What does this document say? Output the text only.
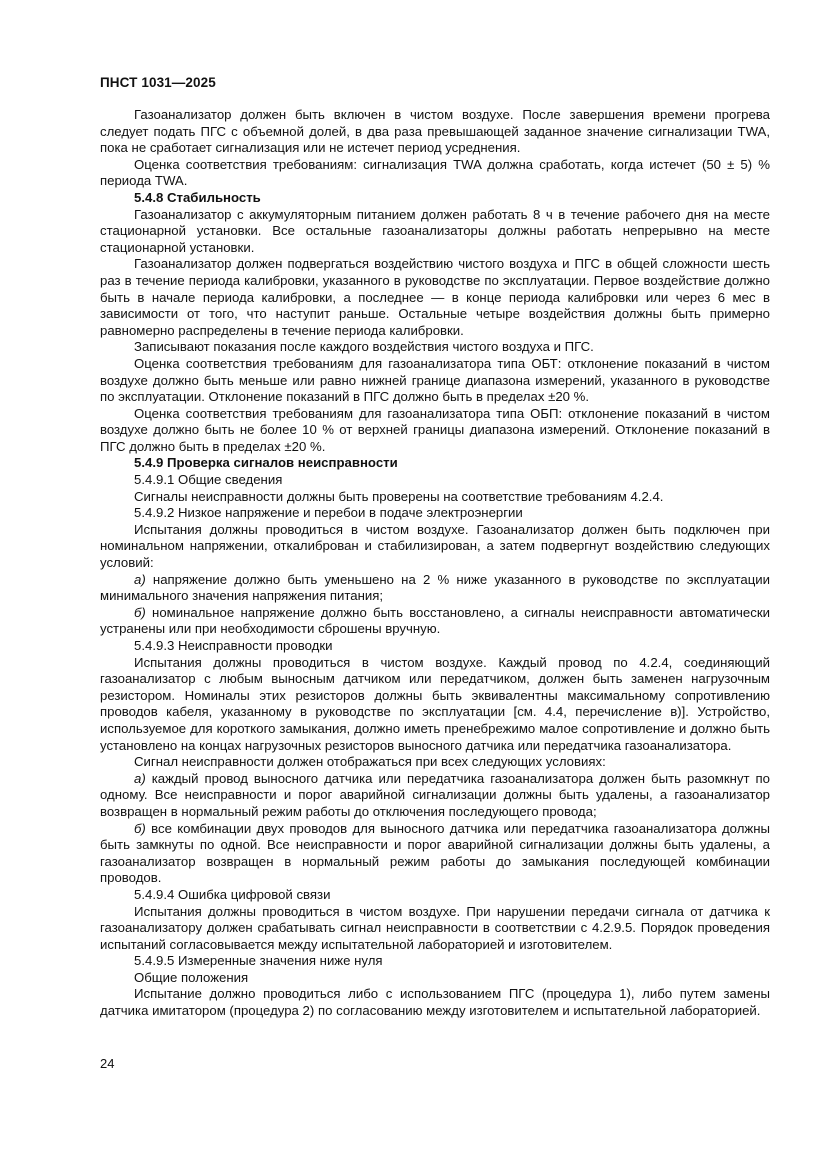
ПНСТ 1031—2025

Газоанализатор должен быть включен в чистом воздухе. После завершения времени прогрева следует подать ПГС с объемной долей, в два раза превышающей заданное значение сигнализации TWA, пока не сработает сигнализация или не истечет период усреднения.

Оценка соответствия требованиям: сигнализация TWA должна сработать, когда истечет (50 ± 5) % периода TWA.

5.4.8 Стабильность

Газоанализатор с аккумуляторным питанием должен работать 8 ч в течение рабочего дня на месте стационарной установки. Все остальные газоанализаторы должны работать непрерывно на месте стационарной установки.

Газоанализатор должен подвергаться воздействию чистого воздуха и ПГС в общей сложности шесть раз в течение периода калибровки, указанного в руководстве по эксплуатации. Первое воздействие должно быть в начале периода калибровки, а последнее — в конце периода калибровки или через 6 мес в зависимости от того, что наступит раньше. Остальные четыре воздействия должны быть примерно равномерно распределены в течение периода калибровки.

Записывают показания после каждого воздействия чистого воздуха и ПГС.

Оценка соответствия требованиям для газоанализатора типа ОБТ: отклонение показаний в чистом воздухе должно быть меньше или равно нижней границе диапазона измерений, указанного в руководстве по эксплуатации. Отклонение показаний в ПГС должно быть в пределах ±20 %.

Оценка соответствия требованиям для газоанализатора типа ОБП: отклонение показаний в чистом воздухе должно быть не более 10 % от верхней границы диапазона измерений. Отклонение показаний в ПГС должно быть в пределах ±20 %.

5.4.9 Проверка сигналов неисправности

5.4.9.1 Общие сведения

Сигналы неисправности должны быть проверены на соответствие требованиям 4.2.4.

5.4.9.2 Низкое напряжение и перебои в подаче электроэнергии

Испытания должны проводиться в чистом воздухе. Газоанализатор должен быть подключен при номинальном напряжении, откалиброван и стабилизирован, а затем подвергнут воздействию следующих условий:

а) напряжение должно быть уменьшено на 2 % ниже указанного в руководстве по эксплуатации минимального значения напряжения питания;

б) номинальное напряжение должно быть восстановлено, а сигналы неисправности автоматически устранены или при необходимости сброшены вручную.

5.4.9.3 Неисправности проводки

Испытания должны проводиться в чистом воздухе. Каждый провод по 4.2.4, соединяющий газоанализатор с любым выносным датчиком или передатчиком, должен быть заменен нагрузочным резистором. Номиналы этих резисторов должны быть эквивалентны максимальному сопротивлению проводов кабеля, указанному в руководстве по эксплуатации [см. 4.4, перечисление в)]. Устройство, используемое для короткого замыкания, должно иметь пренебрежимо малое сопротивление и должно быть установлено на концах нагрузочных резисторов выносного датчика или передатчика газоанализатора.

Сигнал неисправности должен отображаться при всех следующих условиях:

а) каждый провод выносного датчика или передатчика газоанализатора должен быть разомкнут по одному. Все неисправности и порог аварийной сигнализации должны быть удалены, а газоанализатор возвращен в нормальный режим работы до отключения последующего провода;

б) все комбинации двух проводов для выносного датчика или передатчика газоанализатора должны быть замкнуты по одной. Все неисправности и порог аварийной сигнализации должны быть удалены, а газоанализатор возвращен в нормальный режим работы до замыкания последующей комбинации проводов.

5.4.9.4 Ошибка цифровой связи

Испытания должны проводиться в чистом воздухе. При нарушении передачи сигнала от датчика к газоанализатору должен срабатывать сигнал неисправности в соответствии с 4.2.9.5. Порядок проведения испытаний согласовывается между испытательной лабораторией и изготовителем.

5.4.9.5 Измеренные значения ниже нуля

Общие положения

Испытание должно проводиться либо с использованием ПГС (процедура 1), либо путем замены датчика имитатором (процедура 2) по согласованию между изготовителем и испытательной лабораторией.

24
